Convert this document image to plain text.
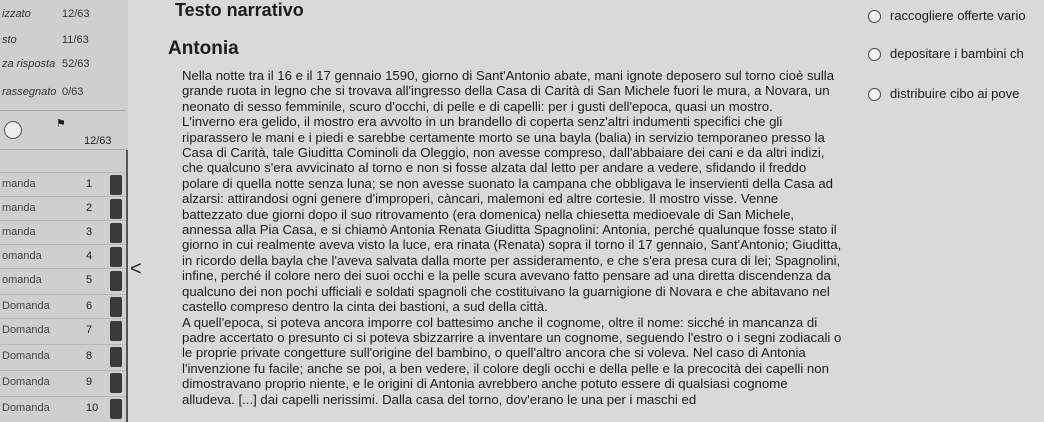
izzato	12/63
sto	11/63
za risposta 52/63
rassegnato 0/63
⚑
12/63
manda	1
manda	2
manda	3
omanda	4
omanda	5
Domanda	6
Domanda	7
Domanda	8
Domanda	9
Domanda	10
<
Testo narrativo
Antonia

Nella notte tra il 16 e il 17 gennaio 1590, giorno di Sant'Antonio abate, mani ignote deposero sul torno cioè sulla grande ruota in legno che si trovava all'ingresso della Casa di Carità di San Michele fuori le mura, a Novara, un neonato di sesso femminile, scuro d'occhi, di pelle e di capelli: per i gusti dell'epoca, quasi un mostro.

L'inverno era gelido, il mostro era avvolto in un brandello di coperta senz'altri indumenti specifici che gli riparassero le mani e i piedi e sarebbe certamente morto se una bayla (balia) in servizio temporaneo presso la Casa di Carità, tale Giuditta Cominoli da Oleggio, non avesse compreso, dall'abbaiare dei cani e da altri indizi, che qualcuno s'era avvicinato al torno e non si fosse alzata dal letto per andare a vedere, sfidando il freddo polare di quella notte senza luna; se non avesse suonato la campana che obbligava le inservienti della Casa ad alzarsi: attirandosi ogni genere d'improperi, càncari, malemoni ed altre cortesie. Il mostro visse. Venne battezzato due giorni dopo il suo ritrovamento (era domenica) nella chiesetta medioevale di San Michele, annessa alla Pia Casa, e si chiamò Antonia Renata Giuditta Spagnolini: Antonia, perché qualunque fosse stato il giorno in cui realmente aveva visto la luce, era rinata (Renata) sopra il torno il 17 gennaio, Sant'Antonio; Giuditta, in ricordo della bayla che l'aveva salvata dalla morte per assideramento, e che s'era presa cura di lei; Spagnolini, infine, perché il colore nero dei suoi occhi e la pelle scura avevano fatto pensare ad una diretta discendenza da qualcuno dei non pochi ufficiali e soldati spagnoli che costituivano la guarnigione di Novara e che abitavano nel castello compreso dentro la cinta dei bastioni, a sud della città.

A quell'epoca, si poteva ancora imporre col battesimo anche il cognome, oltre il nome: sicché in mancanza di padre accertato o presunto ci si poteva sbizzarrire a inventare un cognome, seguendo l'estro o i segni zodiacali o le proprie private congetture sull'origine del bambino, o quell'altro ancora che si voleva. Nel caso di Antonia l'invenzione fu facile; anche se poi, a ben vedere, il colore degli occhi e della pelle e la precocità dei capelli non dimostravano proprio niente, e le origini di Antonia avrebbero anche potuto essere di qualsiasi cognome alludeva. [...] dai capelli nerissimi. Dalla casa del torno, dov'erano le una per i maschi ed

raccogliere offerte vario
depositare i bambini ch
distribuire cibo ai pove
